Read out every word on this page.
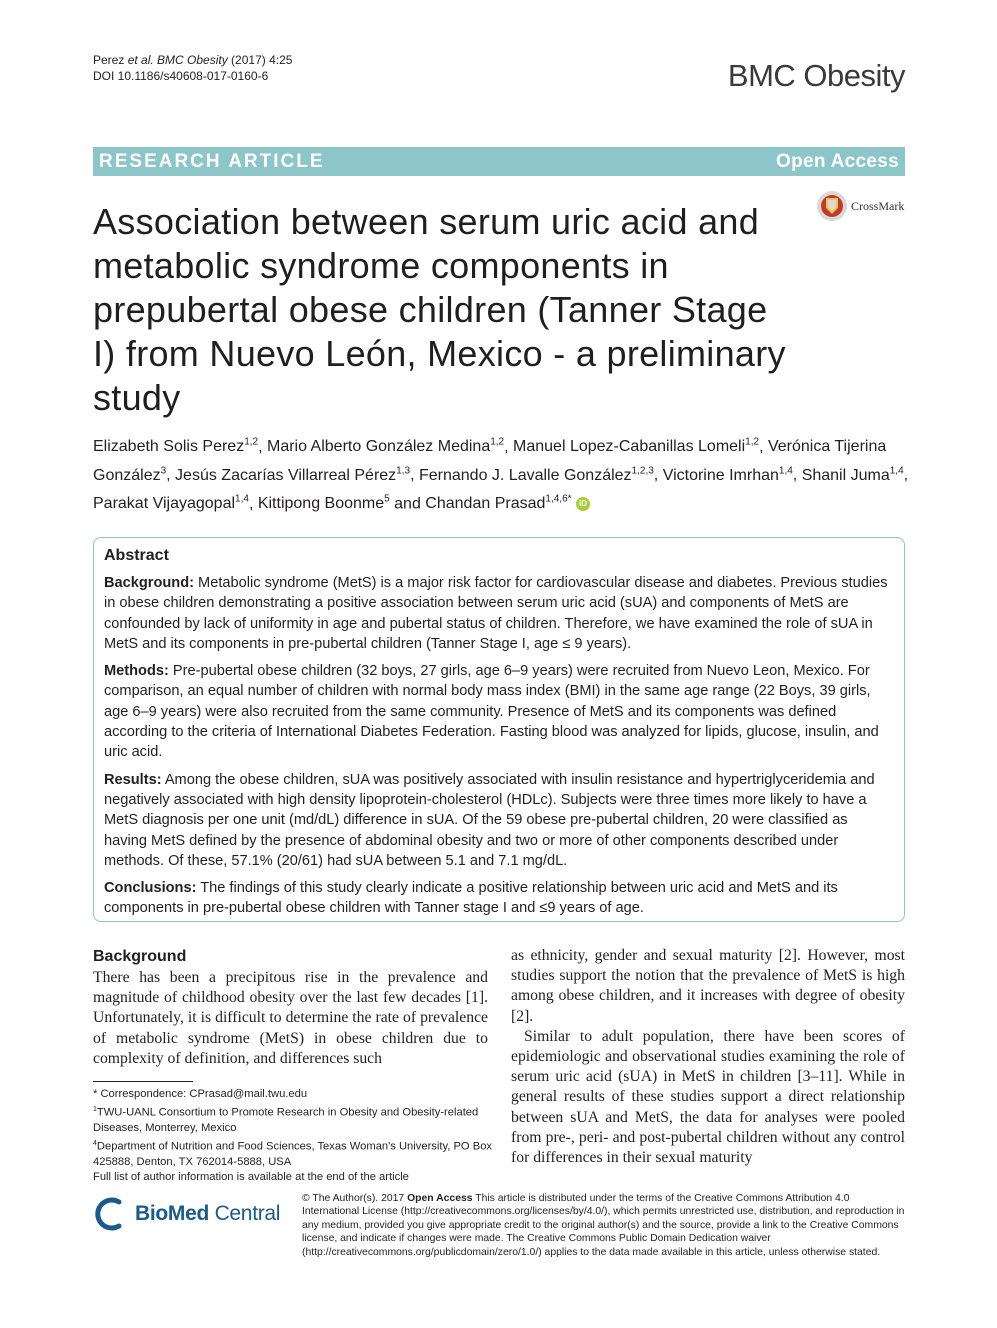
Perez et al. BMC Obesity (2017) 4:25
DOI 10.1186/s40608-017-0160-6	BMC Obesity
RESEARCH ARTICLE	Open Access
CrossMark
Association between serum uric acid and metabolic syndrome components in prepubertal obese children (Tanner Stage I) from Nuevo León, Mexico - a preliminary study
Elizabeth Solis Perez$^{1,2}$, Mario Alberto González Medina$^{1,2}$, Manuel Lopez-Cabanillas Lomeli$^{1,2}$, Verónica Tijerina González$^3$, Jesús Zacarías Villarreal Pérez$^{1,3}$, Fernando J. Lavalle González$^{1,2,3}$, Victorine Imrhan$^{1,4}$, Shanil Juma$^{1,4}$, Parakat Vijayagopal$^{1,4}$, Kittipong Boonme$^5$ and Chandan Prasad$^{1,4,6*}$ iD
Abstract

Background: Metabolic syndrome (MetS) is a major risk factor for cardiovascular disease and diabetes. Previous studies in obese children demonstrating a positive association between serum uric acid (sUA) and components of MetS are confounded by lack of uniformity in age and pubertal status of children. Therefore, we have examined the role of sUA in MetS and its components in pre-pubertal children (Tanner Stage I, age ≤ 9 years).

Methods: Pre-pubertal obese children (32 boys, 27 girls, age 6–9 years) were recruited from Nuevo Leon, Mexico. For comparison, an equal number of children with normal body mass index (BMI) in the same age range (22 Boys, 39 girls, age 6–9 years) were also recruited from the same community. Presence of MetS and its components was defined according to the criteria of International Diabetes Federation. Fasting blood was analyzed for lipids, glucose, insulin, and uric acid.

Results: Among the obese children, sUA was positively associated with insulin resistance and hypertriglyceridemia and negatively associated with high density lipoprotein-cholesterol (HDLc). Subjects were three times more likely to have a MetS diagnosis per one unit (md/dL) difference in sUA. Of the 59 obese pre-pubertal children, 20 were classified as having MetS defined by the presence of abdominal obesity and two or more of other components described under methods. Of these, 57.1% (20/61) had sUA between 5.1 and 7.1 mg/dL.

Conclusions: The findings of this study clearly indicate a positive relationship between uric acid and MetS and its components in pre-pubertal obese children with Tanner stage I and ≤9 years of age.

Background

There has been a precipitous rise in the prevalence and magnitude of childhood obesity over the last few decades [1]. Unfortunately, it is difficult to determine the rate of prevalence of metabolic syndrome (MetS) in obese children due to complexity of definition, and differences such

as ethnicity, gender and sexual maturity [2]. However, most studies support the notion that the prevalence of MetS is high among obese children, and it increases with degree of obesity [2].

Similar to adult population, there have been scores of epidemiologic and observational studies examining the role of serum uric acid (sUA) in MetS in children [3–11]. While in general results of these studies support a direct relationship between sUA and MetS, the data for analyses were pooled from pre-, peri- and post-pubertal children without any control for differences in their sexual maturity

* Correspondence: CPrasad@mail.twu.edu

$^1$TWU-UANL Consortium to Promote Research in Obesity and Obesity-related Diseases, Monterrey, Mexico

$^4$Department of Nutrition and Food Sciences, Texas Woman's University, PO Box 425888, Denton, TX 762014-5888, USA

Full list of author information is available at the end of the article

BioMed Central
© The Author(s). 2017 Open Access This article is distributed under the terms of the Creative Commons Attribution 4.0 International License (http://creativecommons.org/licenses/by/4.0/), which permits unrestricted use, distribution, and reproduction in any medium, provided you give appropriate credit to the original author(s) and the source, provide a link to the Creative Commons license, and indicate if changes were made. The Creative Commons Public Domain Dedication waiver (http://creativecommons.org/publicdomain/zero/1.0/) applies to the data made available in this article, unless otherwise stated.
